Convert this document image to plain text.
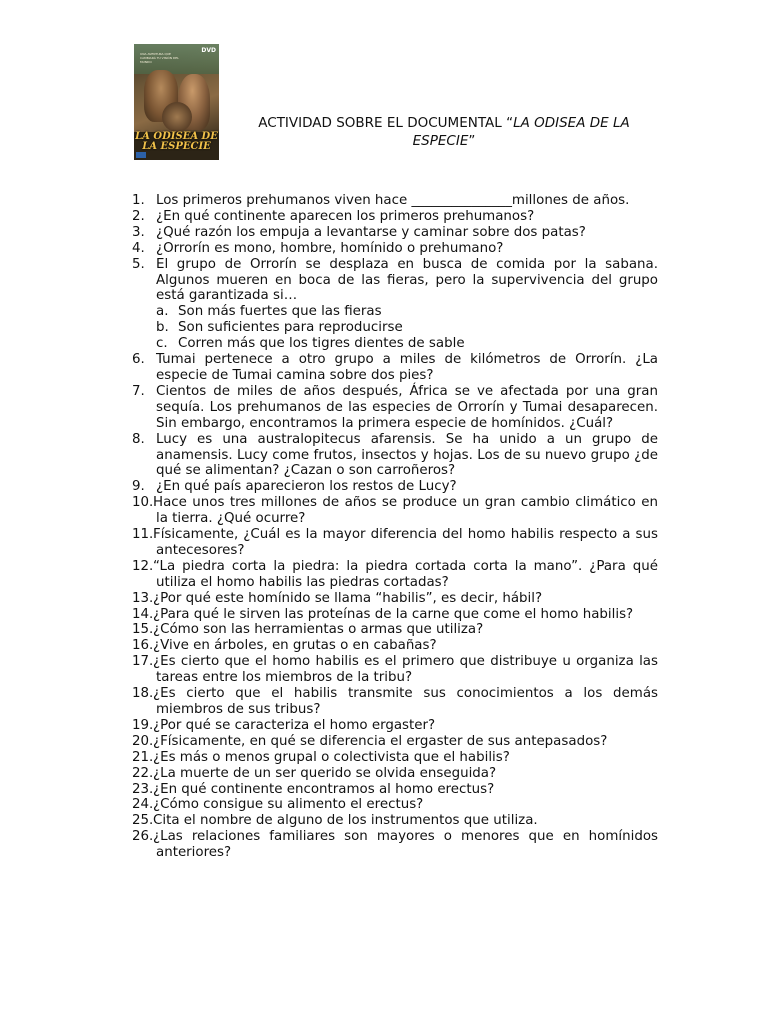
UNA AVENTURA QUE CAMBIARÁ TU VISIÓN DEL MUNDO
DVD
LA ODISEA DE LA ESPECIE
ACTIVIDAD SOBRE EL DOCUMENTAL “LA ODISEA DE LA ESPECIE”
1. Los primeros prehumanos viven hace _______________millones de años.
2. ¿En qué continente aparecen los primeros prehumanos?
3. ¿Qué razón los empuja a levantarse y caminar sobre dos patas?
4. ¿Orrorín es mono, hombre, homínido o prehumano?
5. El grupo de Orrorín se desplaza en busca de comida por la sabana. Algunos mueren en boca de las fieras, pero la supervivencia del grupo está garantizada si…
a. Son más fuertes que las fieras
b. Son suficientes para reproducirse
c. Corren más que los tigres dientes de sable
6. Tumai pertenece a otro grupo a miles de kilómetros de Orrorín. ¿La especie de Tumai camina sobre dos pies?
7. Cientos de miles de años después, África se ve afectada por una gran sequía. Los prehumanos de las especies de Orrorín y Tumai desaparecen. Sin embargo, encontramos la primera especie de homínidos. ¿Cuál?
8. Lucy es una australopitecus afarensis. Se ha unido a un grupo de anamensis. Lucy come frutos, insectos y hojas. Los de su nuevo grupo ¿de qué se alimentan? ¿Cazan o son carroñeros?
9. ¿En qué país aparecieron los restos de Lucy?
10. Hace unos tres millones de años se produce un gran cambio climático en la tierra. ¿Qué ocurre?
11. Físicamente, ¿Cuál es la mayor diferencia del homo habilis respecto a sus antecesores?
12. “La piedra corta la piedra: la piedra cortada corta la mano”. ¿Para qué utiliza el homo habilis las piedras cortadas?
13. ¿Por qué este homínido se llama “habilis”, es decir, hábil?
14. ¿Para qué le sirven las proteínas de la carne que come el homo habilis?
15. ¿Cómo son las herramientas o armas que utiliza?
16. ¿Vive en árboles, en grutas o en cabañas?
17. ¿Es cierto que el homo habilis es el primero que distribuye u organiza las tareas entre los miembros de la tribu?
18. ¿Es cierto que el habilis transmite sus conocimientos a los demás miembros de sus tribus?
19. ¿Por qué se caracteriza el homo ergaster?
20. ¿Físicamente, en qué se diferencia el ergaster de sus antepasados?
21. ¿Es más o menos grupal o colectivista que el habilis?
22. ¿La muerte de un ser querido se olvida enseguida?
23. ¿En qué continente encontramos al homo erectus?
24. ¿Cómo consigue su alimento el erectus?
25. Cita el nombre de alguno de los instrumentos que utiliza.
26. ¿Las relaciones familiares son mayores o menores que en homínidos anteriores?
